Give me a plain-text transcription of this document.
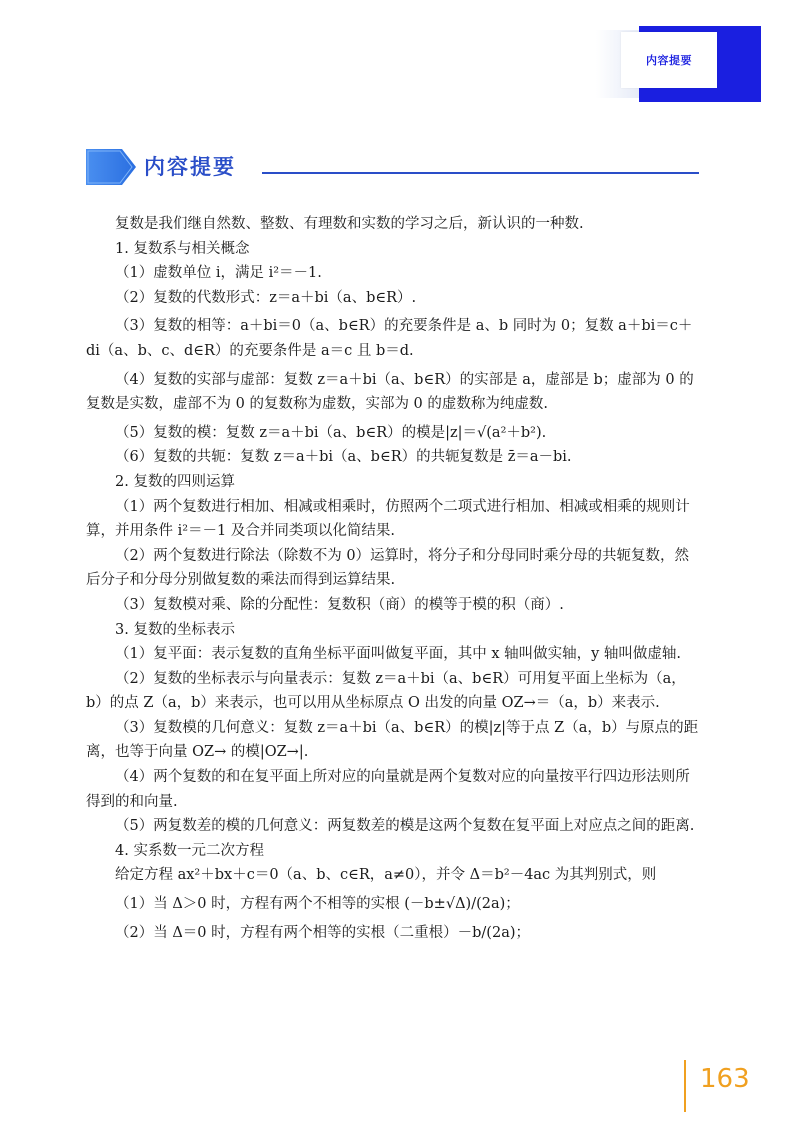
内容提要
内容提要

复数是我们继自然数、整数、有理数和实数的学习之后，新认识的一种数.

1. 复数系与相关概念

（1）虚数单位 i，满足 i²＝－1.

（2）复数的代数形式：z＝a＋bi（a、b∈R）.

（3）复数的相等：a＋bi＝0（a、b∈R）的充要条件是 a、b 同时为 0；复数 a＋bi＝c＋di（a、b、c、d∈R）的充要条件是 a＝c 且 b＝d.

（4）复数的实部与虚部：复数 z＝a＋bi（a、b∈R）的实部是 a，虚部是 b；虚部为 0 的复数是实数，虚部不为 0 的复数称为虚数，实部为 0 的虚数称为纯虚数.

（5）复数的模：复数 z＝a＋bi（a、b∈R）的模是|z|＝√(a²＋b²).

（6）复数的共轭：复数 z＝a＋bi（a、b∈R）的共轭复数是 z̄＝a－bi.

2. 复数的四则运算

（1）两个复数进行相加、相减或相乘时，仿照两个二项式进行相加、相减或相乘的规则计算，并用条件 i²＝－1 及合并同类项以化简结果.

（2）两个复数进行除法（除数不为 0）运算时，将分子和分母同时乘分母的共轭复数，然后分子和分母分别做复数的乘法而得到运算结果.

（3）复数模对乘、除的分配性：复数积（商）的模等于模的积（商）.

3. 复数的坐标表示

（1）复平面：表示复数的直角坐标平面叫做复平面，其中 x 轴叫做实轴，y 轴叫做虚轴.

（2）复数的坐标表示与向量表示：复数 z＝a＋bi（a、b∈R）可用复平面上坐标为（a，b）的点 Z（a，b）来表示，也可以用从坐标原点 O 出发的向量 OZ→＝（a，b）来表示.

（3）复数模的几何意义：复数 z＝a＋bi（a、b∈R）的模|z|等于点 Z（a，b）与原点的距离，也等于向量 OZ→ 的模|OZ→|.

（4）两个复数的和在复平面上所对应的向量就是两个复数对应的向量按平行四边形法则所得到的和向量.

（5）两复数差的模的几何意义：两复数差的模是这两个复数在复平面上对应点之间的距离.

4. 实系数一元二次方程

给定方程 ax²＋bx＋c＝0（a、b、c∈R，a≠0），并令 Δ＝b²－4ac 为其判别式，则

（1）当 Δ＞0 时，方程有两个不相等的实根 (－b±√Δ)/(2a)；

（2）当 Δ＝0 时，方程有两个相等的实根（二重根）－b/(2a)；

163
